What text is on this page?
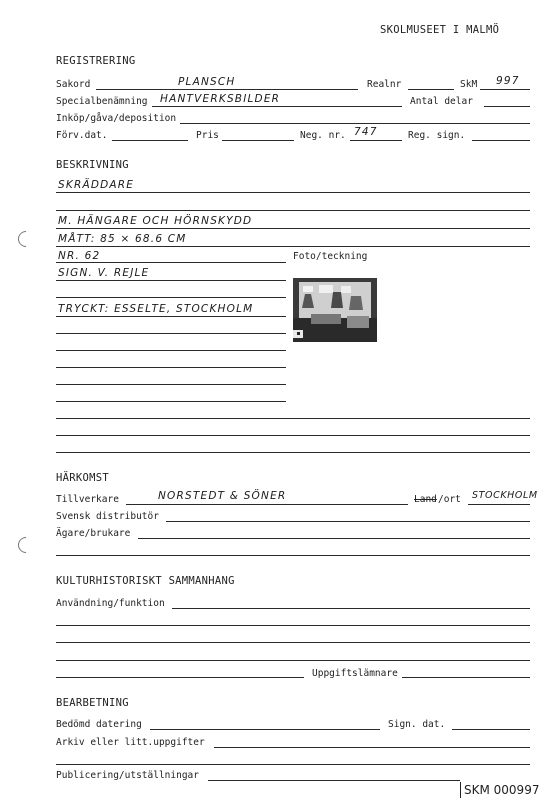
SKOLMUSEET I MALMÖ
REGISTRERING
Sakord	PLANSCH	Realnr	SkM 997
Specialbenämning HANTVERKSBILDER	Antal delar
Inköp/gåva/deposition
Förv.dat.	Pris	Neg. nr. 747	Reg. sign.
BESKRIVNING
SKRÄDDARE
M. HÄNGARE OCH HÖRNSKYDD
MÅTT: 85 × 68.6 CM
NR. 62	Foto/teckning
SIGN. V. REJLE
TRYCKT: ESSELTE, STOCKHOLM
HÄRKOMST
Tillverkare	NORSTEDT & SÖNER	Land /ort STOCKHOLM
Svensk distributör
Ägare/brukare
KULTURHISTORISKT SAMMANHANG
Användning/funktion
Uppgiftslämnare
BEARBETNING
Bedömd datering	Sign. dat.
Arkiv eller litt.uppgifter
Publicering/utställningar
SKM 000997
